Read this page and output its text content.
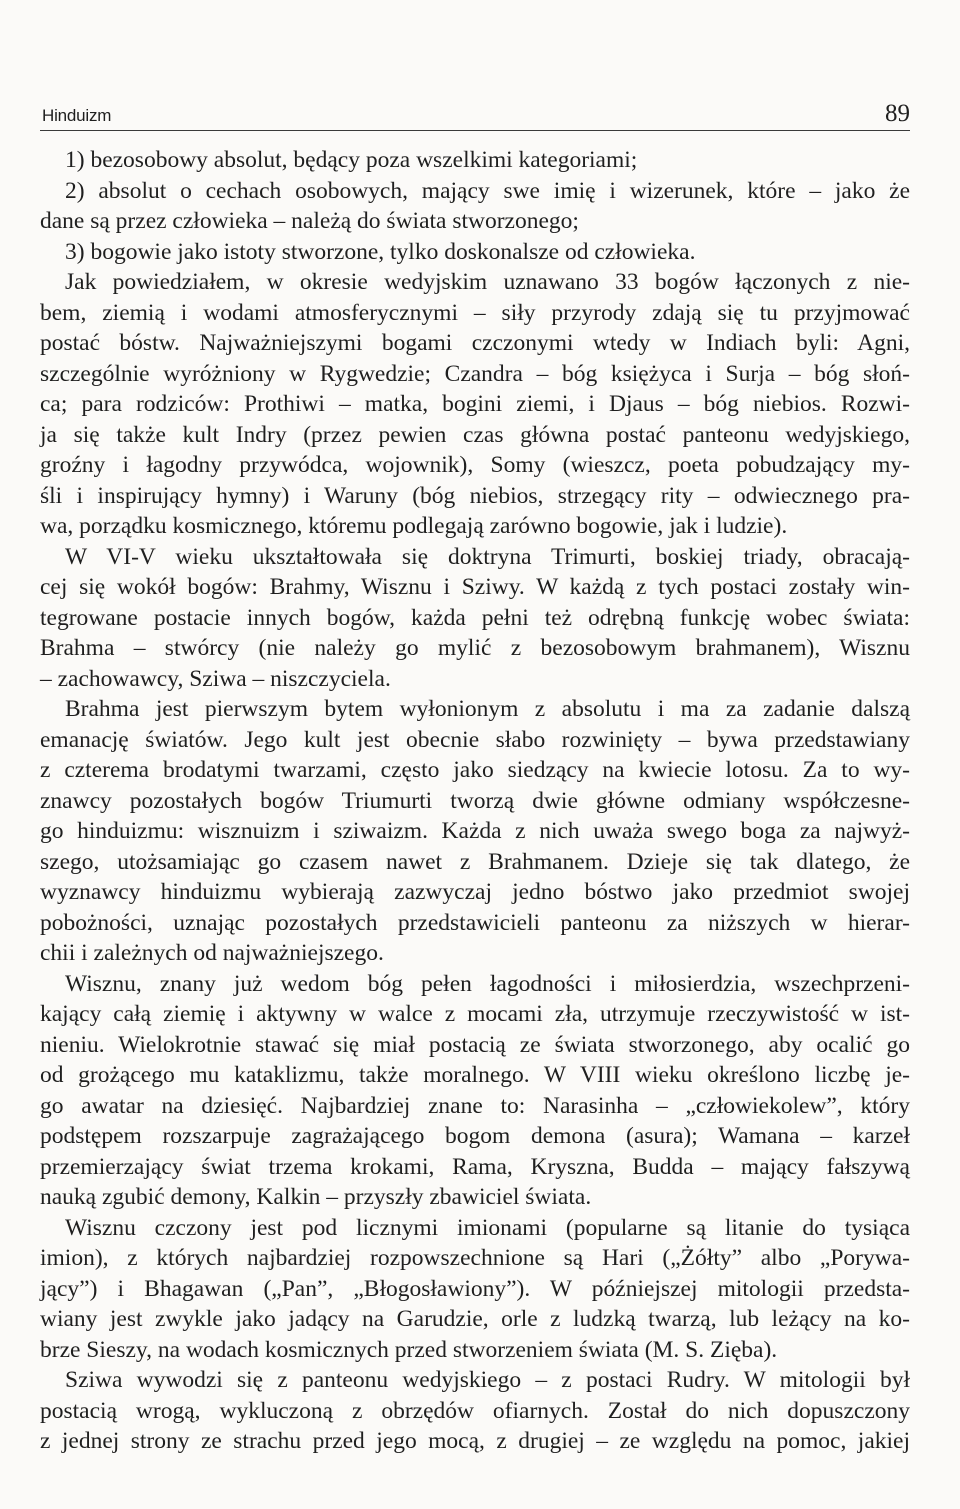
Hinduizm	89
1) bezosobowy absolut, będący poza wszelkimi kategoriami;
2) absolut o cechach osobowych, mający swe imię i wizerunek, które – jako że
dane są przez człowieka – należą do świata stworzonego;
3) bogowie jako istoty stworzone, tylko doskonalsze od człowieka.
Jak powiedziałem, w okresie wedyjskim uznawano 33 bogów łączonych z nie-
bem, ziemią i wodami atmosferycznymi – siły przyrody zdają się tu przyjmować
postać bóstw. Najważniejszymi bogami czczonymi wtedy w Indiach byli: Agni,
szczególnie wyróżniony w Rygwedzie; Czandra – bóg księżyca i Surja – bóg słoń-
ca; para rodziców: Prothiwi – matka, bogini ziemi, i Djaus – bóg niebios. Rozwi-
ja się także kult Indry (przez pewien czas główna postać panteonu wedyjskiego,
groźny i łagodny przywódca, wojownik), Somy (wieszcz, poeta pobudzający my-
śli i inspirujący hymny) i Waruny (bóg niebios, strzegący rity – odwiecznego pra-
wa, porządku kosmicznego, któremu podlegają zarówno bogowie, jak i ludzie).
W VI-V wieku ukształtowała się doktryna Trimurti, boskiej triady, obracają-
cej się wokół bogów: Brahmy, Wisznu i Sziwy. W każdą z tych postaci zostały win-
tegrowane postacie innych bogów, każda pełni też odrębną funkcję wobec świata:
Brahma – stwórcy (nie należy go mylić z bezosobowym brahmanem), Wisznu
– zachowawcy, Sziwa – niszczyciela.
Brahma jest pierwszym bytem wyłonionym z absolutu i ma za zadanie dalszą
emanację światów. Jego kult jest obecnie słabo rozwinięty – bywa przedstawiany
z czterema brodatymi twarzami, często jako siedzący na kwiecie lotosu. Za to wy-
znawcy pozostałych bogów Triumurti tworzą dwie główne odmiany współczesne-
go hinduizmu: wisznuizm i sziwaizm. Każda z nich uważa swego boga za najwyż-
szego, utożsamiając go czasem nawet z Brahmanem. Dzieje się tak dlatego, że
wyznawcy hinduizmu wybierają zazwyczaj jedno bóstwo jako przedmiot swojej
pobożności, uznając pozostałych przedstawicieli panteonu za niższych w hierar-
chii i zależnych od najważniejszego.
Wisznu, znany już wedom bóg pełen łagodności i miłosierdzia, wszechprzeni-
kający całą ziemię i aktywny w walce z mocami zła, utrzymuje rzeczywistość w ist-
nieniu. Wielokrotnie stawać się miał postacią ze świata stworzonego, aby ocalić go
od grożącego mu kataklizmu, także moralnego. W VIII wieku określono liczbę je-
go awatar na dziesięć. Najbardziej znane to: Narasinha – „człowiekolew”, który
podstępem rozszarpuje zagrażającego bogom demona (asura); Wamana – karzeł
przemierzający świat trzema krokami, Rama, Kryszna, Budda – mający fałszywą
nauką zgubić demony, Kalkin – przyszły zbawiciel świata.
Wisznu czczony jest pod licznymi imionami (popularne są litanie do tysiąca
imion), z których najbardziej rozpowszechnione są Hari („Żółty” albo „Porywa-
jący”) i Bhagawan („Pan”, „Błogosławiony”). W późniejszej mitologii przedsta-
wiany jest zwykle jako jadący na Garudzie, orle z ludzką twarzą, lub leżący na ko-
brze Sieszy, na wodach kosmicznych przed stworzeniem świata (M. S. Zięba).
Sziwa wywodzi się z panteonu wedyjskiego – z postaci Rudry. W mitologii był
postacią wrogą, wykluczoną z obrzędów ofiarnych. Został do nich dopuszczony
z jednej strony ze strachu przed jego mocą, z drugiej – ze względu na pomoc, jakiej
